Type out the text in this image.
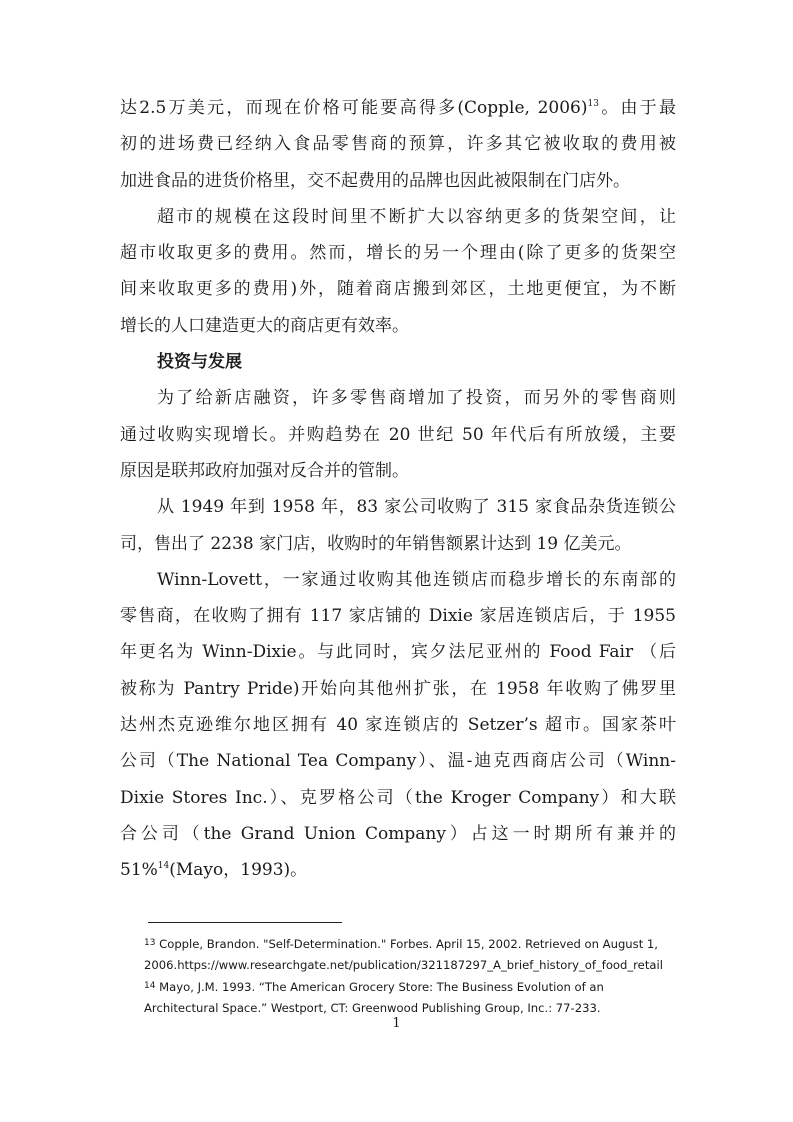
达2.5万美元，而现在价格可能要高得多(Copple, 2006)$^{13}$。由于最
初的进场费已经纳入食品零售商的预算，许多其它被收取的费用被
加进食品的进货价格里，交不起费用的品牌也因此被限制在门店外。
超市的规模在这段时间里不断扩大以容纳更多的货架空间，让
超市收取更多的费用。然而，增长的另一个理由(除了更多的货架空
间来收取更多的费用)外，随着商店搬到郊区，土地更便宜，为不断
增长的人口建造更大的商店更有效率。
投资与发展
为了给新店融资，许多零售商增加了投资，而另外的零售商则
通过收购实现增长。并购趋势在 20 世纪 50 年代后有所放缓，主要
原因是联邦政府加强对反合并的管制。
从 1949 年到 1958 年，83 家公司收购了 315 家食品杂货连锁公
司，售出了 2238 家门店，收购时的年销售额累计达到 19 亿美元。
Winn-Lovett，一家通过收购其他连锁店而稳步增长的东南部的
零售商，在收购了拥有 117 家店铺的 Dixie 家居连锁店后，于 1955
年更名为 Winn-Dixie。与此同时，宾夕法尼亚州的 Food Fair （后
被称为 Pantry Pride)开始向其他州扩张，在 1958 年收购了佛罗里
达州杰克逊维尔地区拥有 40 家连锁店的 Setzer’s 超市。国家茶叶
公司（The National Tea Company）、温-迪克西商店公司（Winn-
Dixie Stores Inc.）、克罗格公司（the Kroger Company）和大联
合公司（the Grand Union Company）占这一时期所有兼并的
51%$^{14}$(Mayo，1993)。
$^{13}$ Copple, Brandon. "Self-Determination." Forbes. April 15, 2002. Retrieved on August 1,
2006.https://www.researchgate.net/publication/321187297_A_brief_history_of_food_retail
$^{14}$ Mayo, J.M. 1993. “The American Grocery Store: The Business Evolution of an
Architectural Space.” Westport, CT: Greenwood Publishing Group, Inc.: 77-233.
1
